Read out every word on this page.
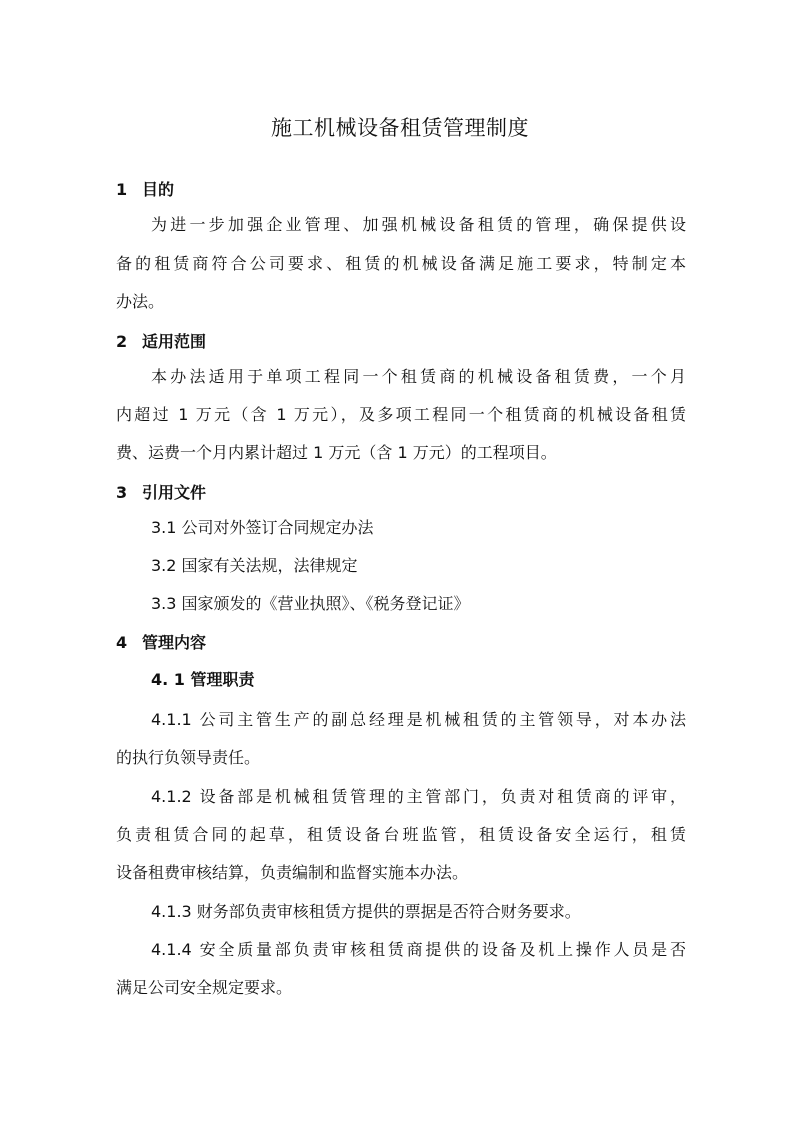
施工机械设备租赁管理制度
1 目的
为进一步加强企业管理、加强机械设备租赁的管理，确保提供设
备的租赁商符合公司要求、租赁的机械设备满足施工要求，特制定本
办法。
2 适用范围
本办法适用于单项工程同一个租赁商的机械设备租赁费，一个月
内超过 1 万元（含 1 万元），及多项工程同一个租赁商的机械设备租赁
费、运费一个月内累计超过 1 万元（含 1 万元）的工程项目。
3 引用文件
3.1 公司对外签订合同规定办法
3.2 国家有关法规，法律规定
3.3 国家颁发的《营业执照》、《税务登记证》
4 管理内容
4. 1 管理职责
4.1.1 公司主管生产的副总经理是机械租赁的主管领导，对本办法
的执行负领导责任。
4.1.2 设备部是机械租赁管理的主管部门，负责对租赁商的评审，
负责租赁合同的起草，租赁设备台班监管，租赁设备安全运行，租赁
设备租费审核结算，负责编制和监督实施本办法。
4.1.3 财务部负责审核租赁方提供的票据是否符合财务要求。
4.1.4 安全质量部负责审核租赁商提供的设备及机上操作人员是否
满足公司安全规定要求。
